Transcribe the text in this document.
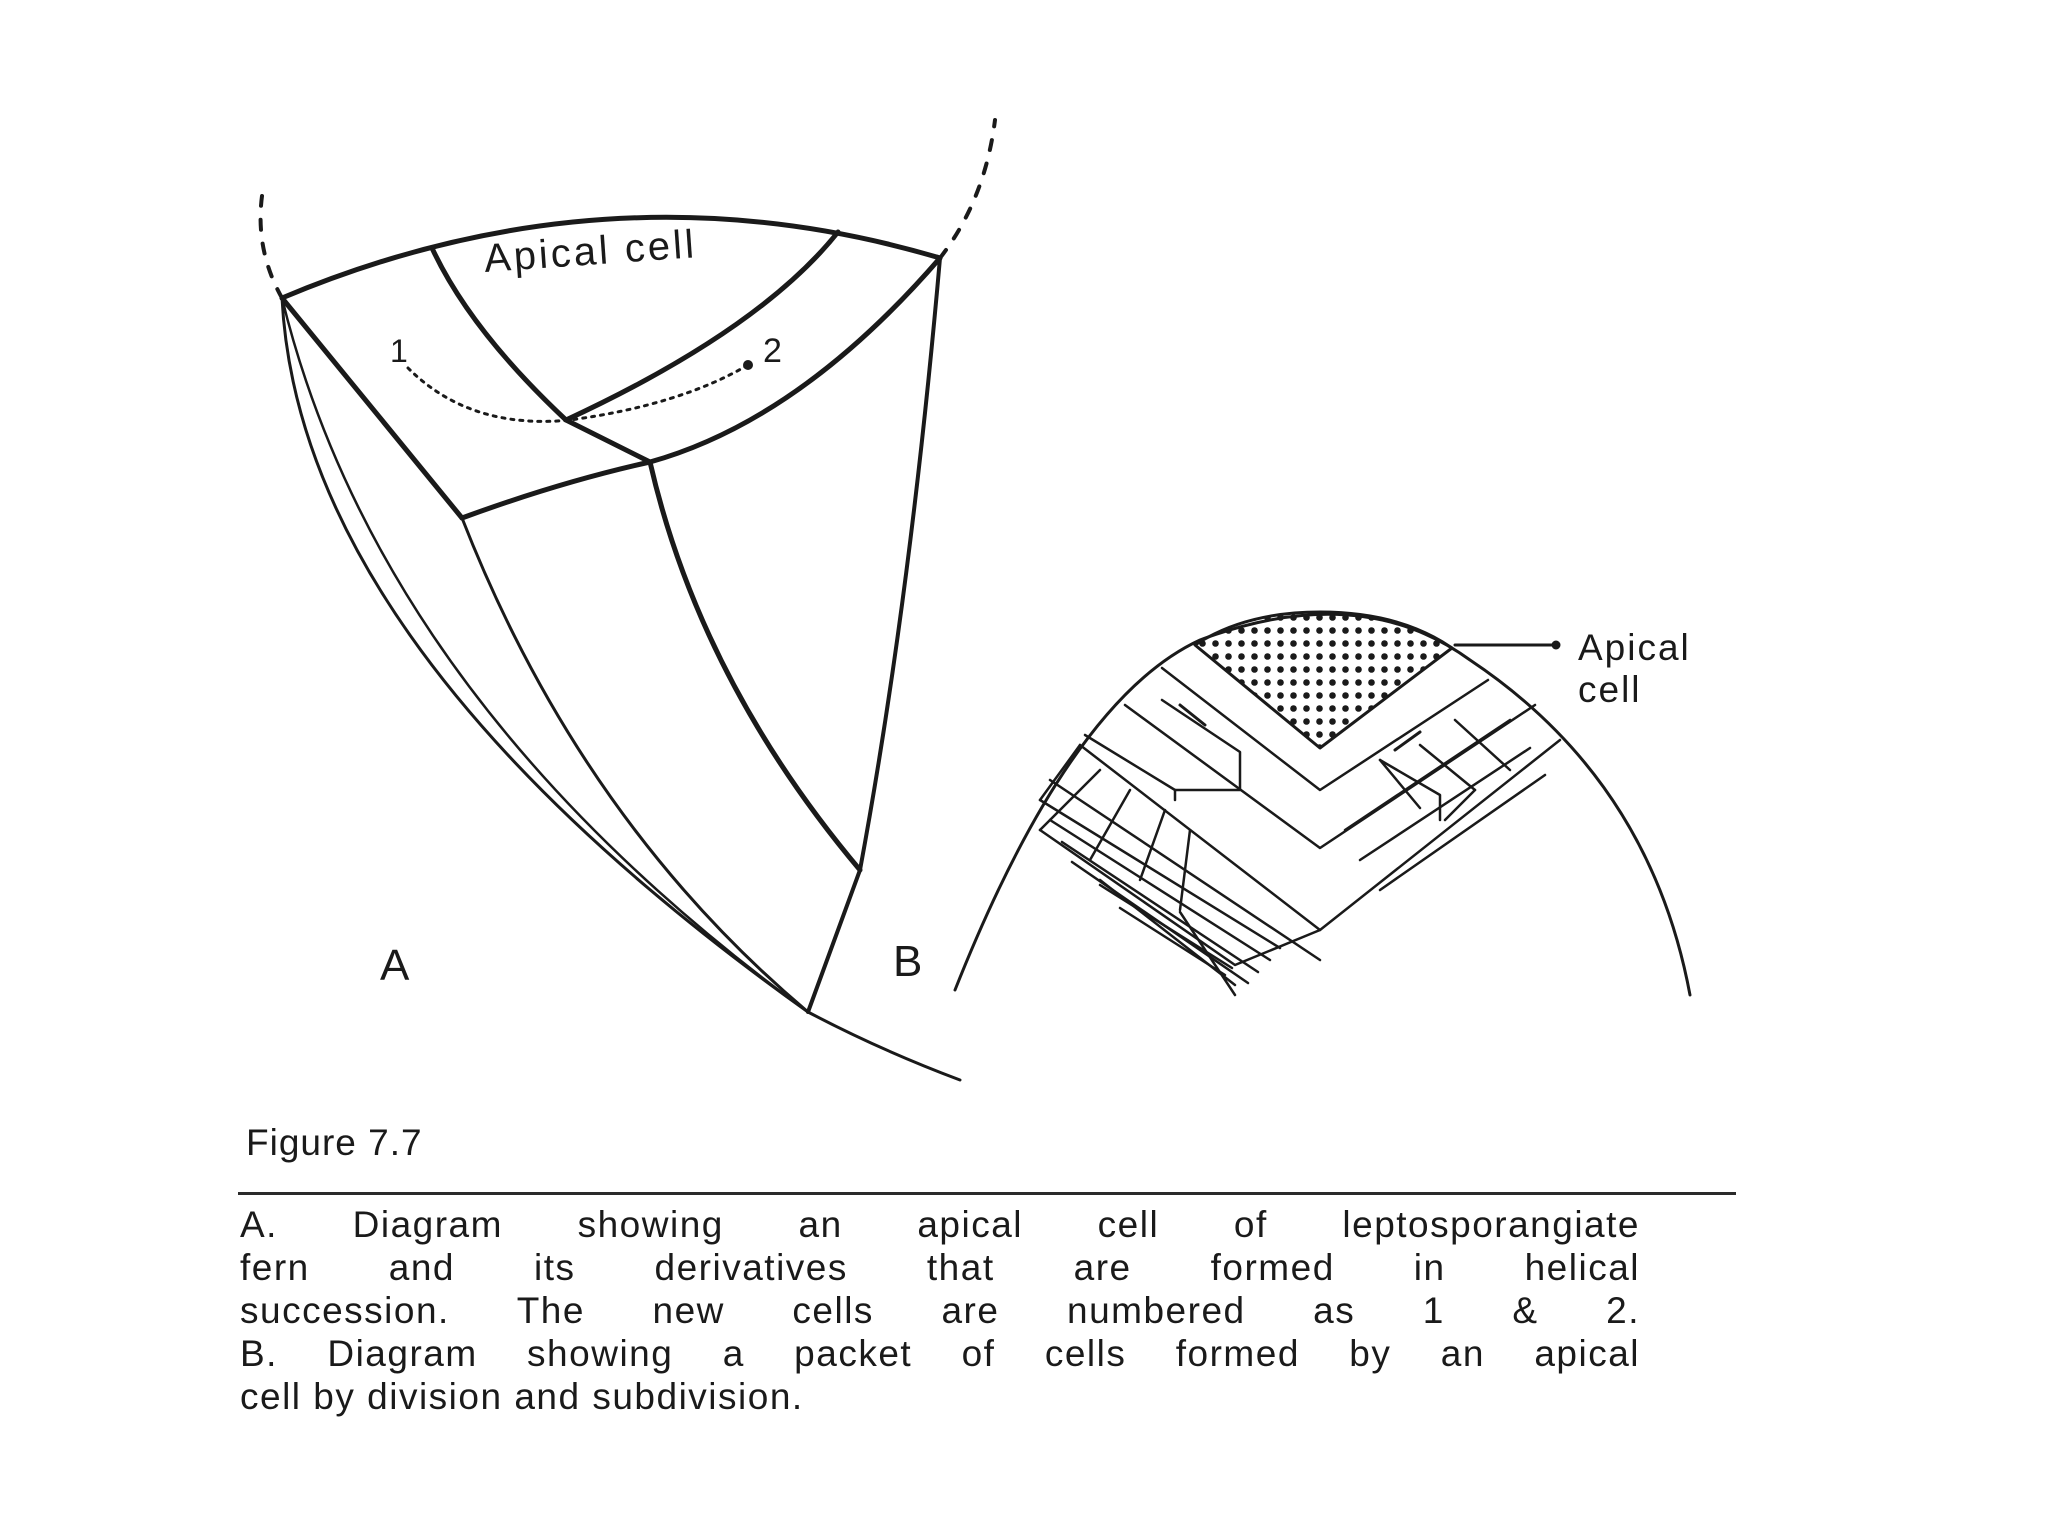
Apical cell
1	2
A
Apical
cell
B
Figure 7.7
A. Diagram showing an apical cell of leptosporangiate
fern and its derivatives that are formed in helical
succession. The new cells are numbered as 1 & 2.
B. Diagram showing a packet of cells formed by an apical
cell by division and subdivision.
